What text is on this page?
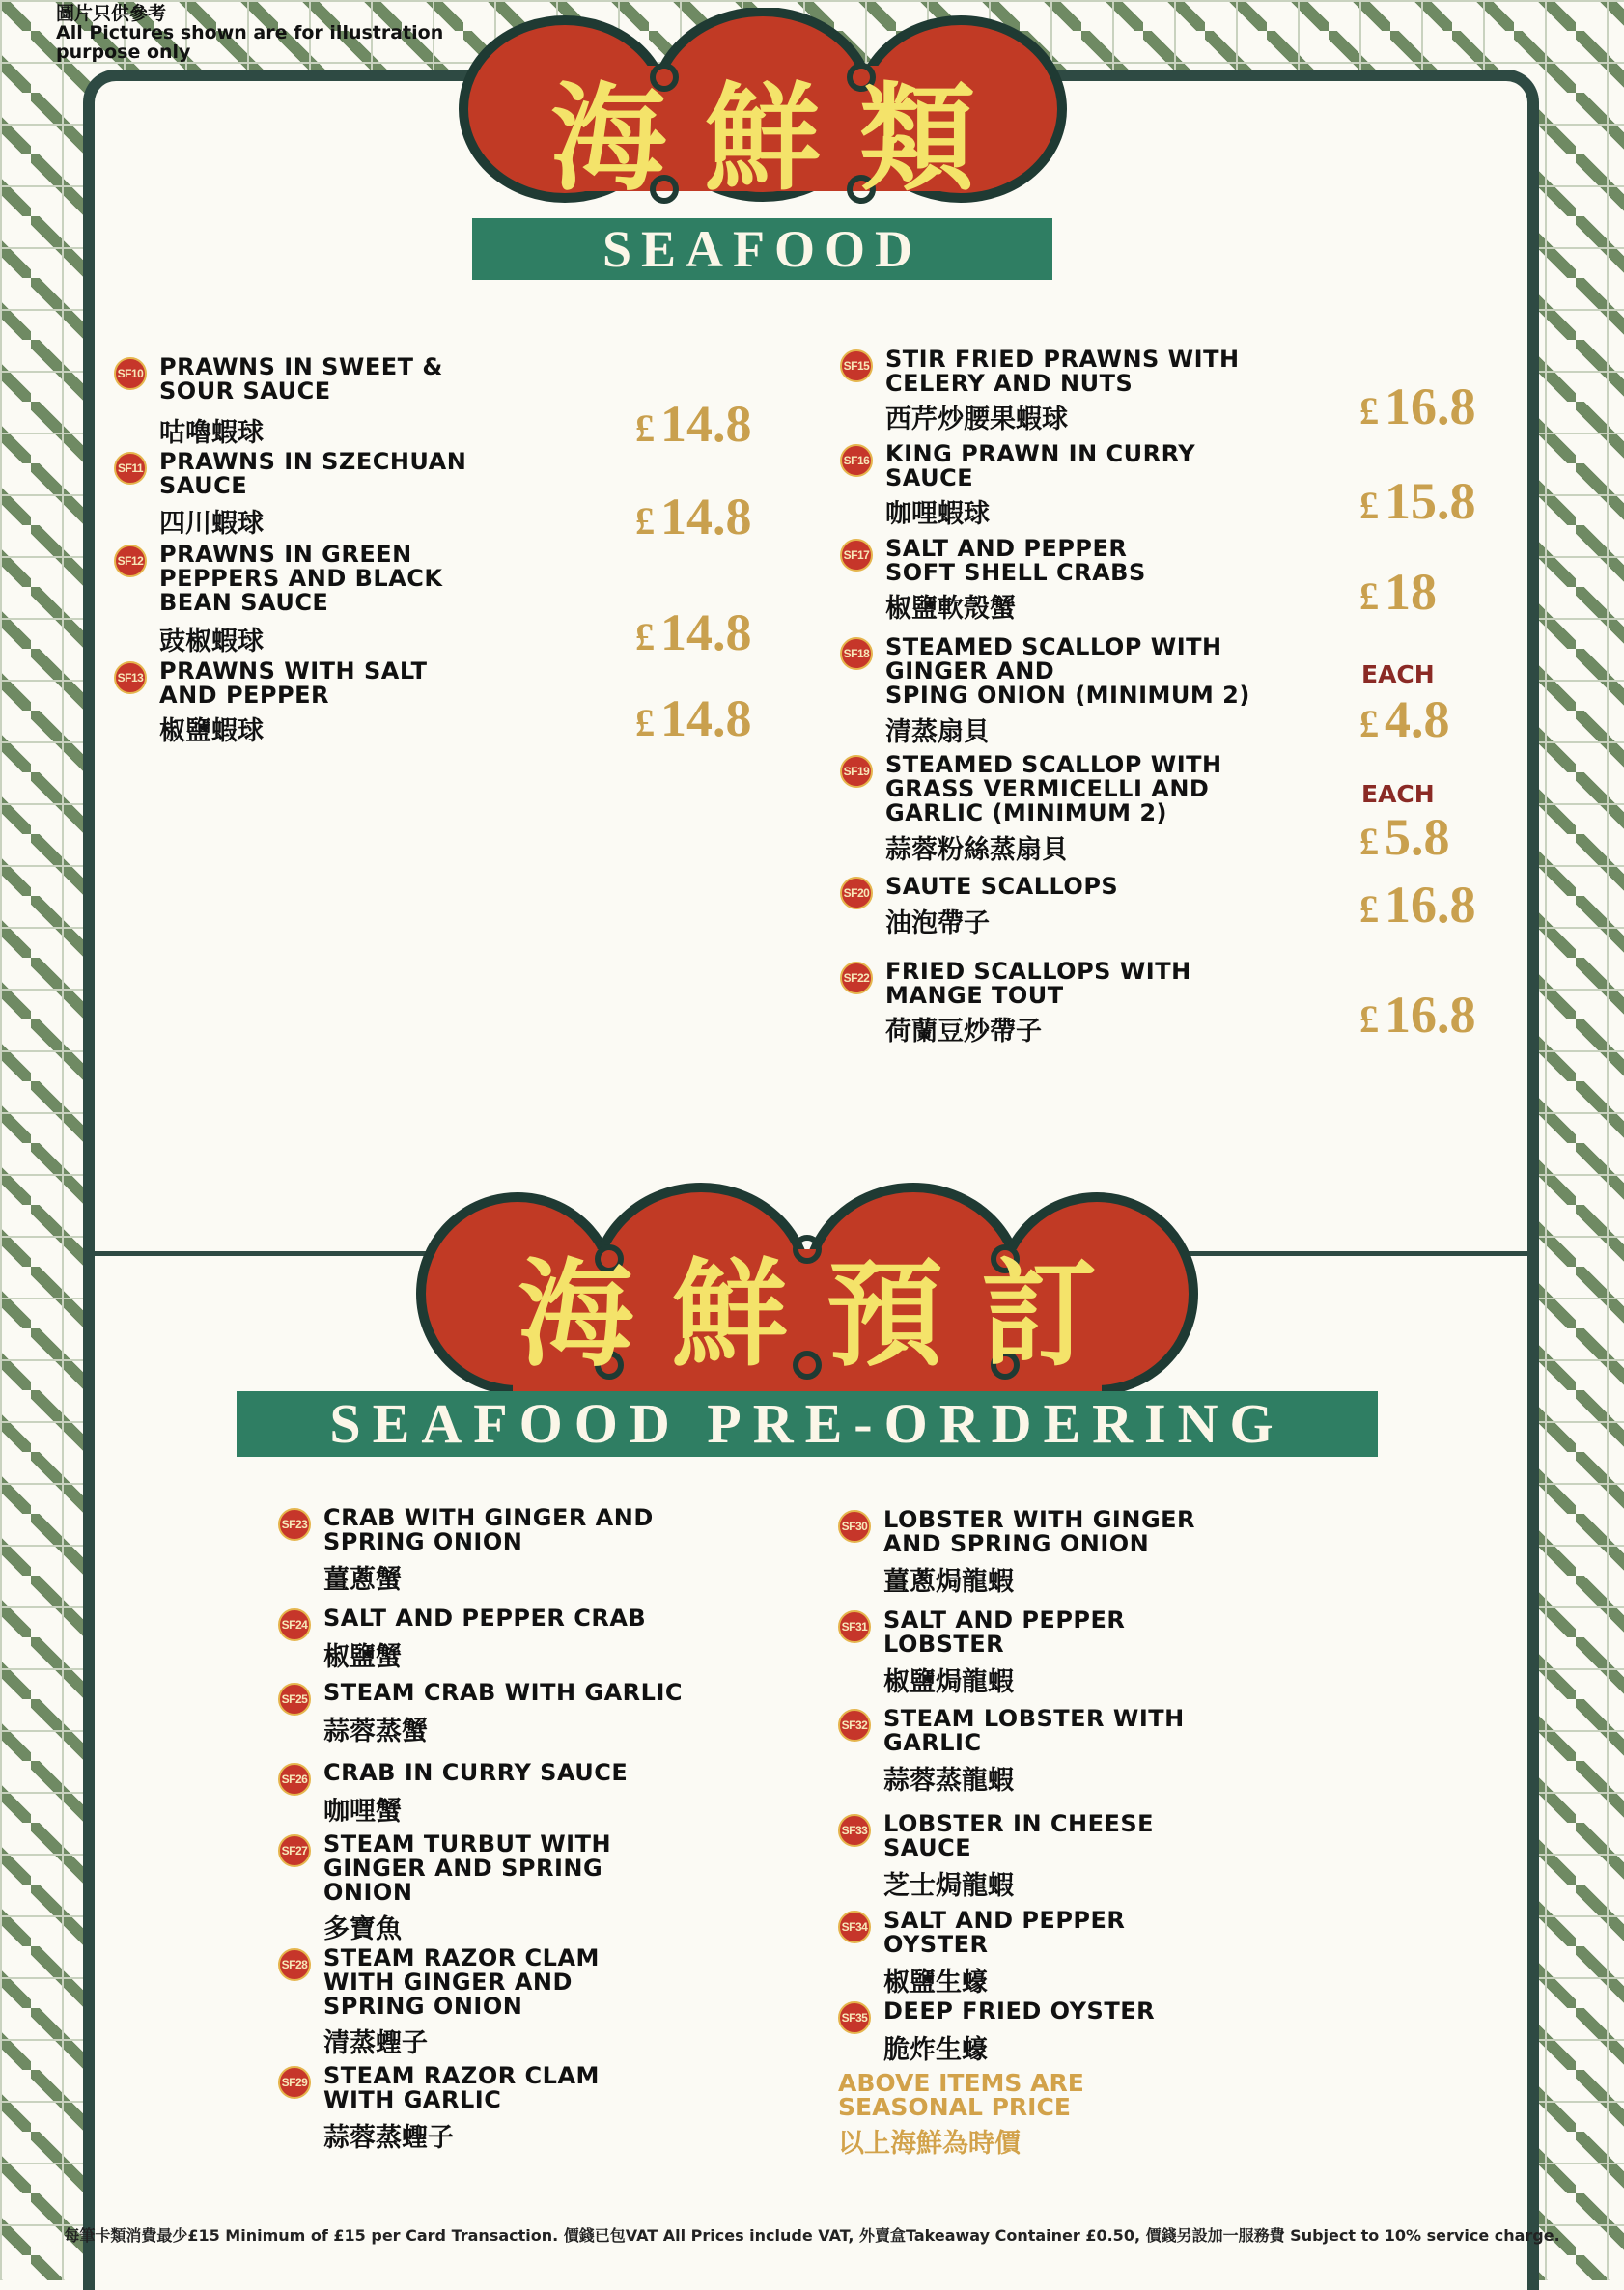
圖片只供參考
All Pictures shown are for illustration
purpose only
海鮮類
SEAFOOD
SF10 PRAWNS IN SWEET &
SOUR SAUCE
咕嚕蝦球	£ 14.8
SF11 PRAWNS IN SZECHUAN
SAUCE
四川蝦球	£ 14.8
SF12 PRAWNS IN GREEN
PEPPERS AND BLACK
BEAN SAUCE
豉椒蝦球	£ 14.8
SF13 PRAWNS WITH SALT
AND PEPPER
椒鹽蝦球	£ 14.8
SF15 STIR FRIED PRAWNS WITH
CELERY AND NUTS
西芹炒腰果蝦球	£ 16.8
SF16 KING PRAWN IN CURRY
SAUCE
咖哩蝦球	£ 15.8
SF17 SALT AND PEPPER
SOFT SHELL CRABS
椒鹽軟殼蟹	£ 18
SF18 STEAMED SCALLOP WITH
GINGER AND
SPING ONION (MINIMUM 2)
清蒸扇貝
EACH
£ 4.8
SF19 STEAMED SCALLOP WITH
GRASS VERMICELLI AND
GARLIC (MINIMUM 2)
蒜蓉粉絲蒸扇貝
EACH
£ 5.8
SF20 SAUTE SCALLOPS
油泡帶子	£ 16.8
SF22 FRIED SCALLOPS WITH
MANGE TOUT
荷蘭豆炒帶子	£ 16.8
海鮮預訂
SEAFOOD PRE-ORDERING
SF23 CRAB WITH GINGER AND
SPRING ONION
薑蔥蟹
SF24 SALT AND PEPPER CRAB
椒鹽蟹
SF25 STEAM CRAB WITH GARLIC
蒜蓉蒸蟹
SF26 CRAB IN CURRY SAUCE
咖哩蟹
SF27 STEAM TURBUT WITH
GINGER AND SPRING
ONION
多寶魚
SF28 STEAM RAZOR CLAM
WITH GINGER AND
SPRING ONION
清蒸蟶子
SF29 STEAM RAZOR CLAM
WITH GARLIC
蒜蓉蒸蟶子
SF30 LOBSTER WITH GINGER
AND SPRING ONION
薑蔥焗龍蝦
SF31 SALT AND PEPPER
LOBSTER
椒鹽焗龍蝦
SF32 STEAM LOBSTER WITH
GARLIC
蒜蓉蒸龍蝦
SF33 LOBSTER IN CHEESE
SAUCE
芝士焗龍蝦
SF34 SALT AND PEPPER
OYSTER
椒鹽生蠔
SF35 DEEP FRIED OYSTER
脆炸生蠔
ABOVE ITEMS ARE
SEASONAL PRICE
以上海鮮為時價
每筆卡類消費最少£15 Minimum of £15 per Card Transaction. 價錢已包VAT All Prices include VAT, 外賣盒Takeaway Container £0.50, 價錢另設加一服務費 Subject to 10% service charge.
